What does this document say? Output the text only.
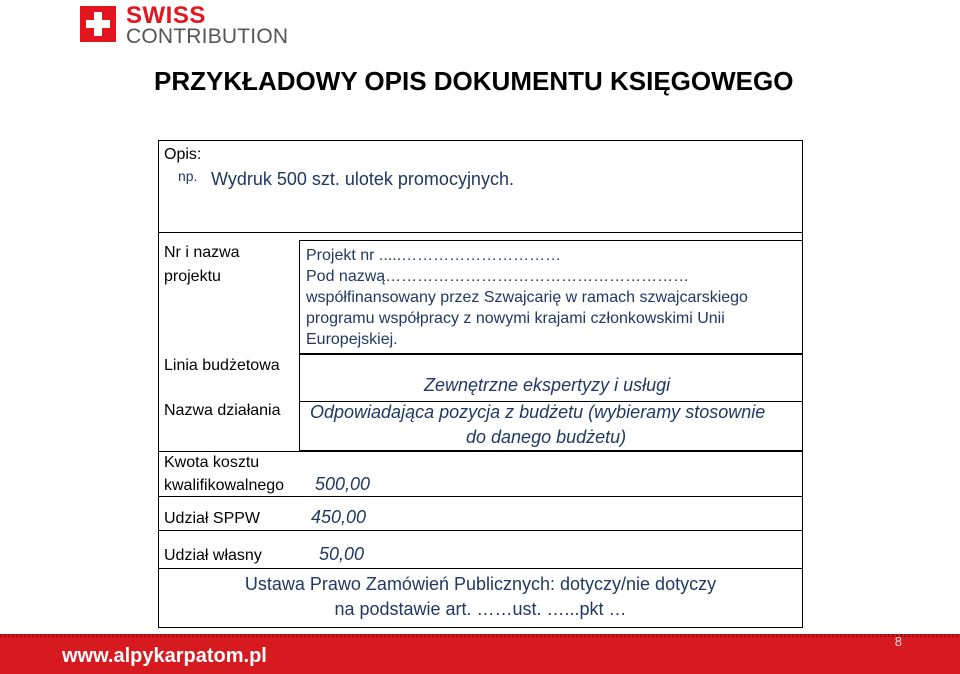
SWISS
CONTRIBUTION
PRZYKŁADOWY OPIS DOKUMENTU KSIĘGOWEGO
Opis:
np. Wydruk 500 szt. ulotek promocyjnych.
Nr i nazwa
projektu
Projekt nr .....…………………………
Pod nazwą…………………………………………………
współfinansowany przez Szwajcarię w ramach szwajcarskiego
programu współpracy z nowymi krajami członkowskimi Unii
Europejskiej.
Linia budżetowa
Zewnętrzne ekspertyzy i usługi
Nazwa działania Odpowiadająca pozycja z budżetu (wybieramy stosownie
do danego budżetu)
Kwota kosztu
kwalifikowalnego 500,00
Udział SPPW	450,00
Udział własny	50,00
Ustawa Prawo Zamówień Publicznych: dotyczy/nie dotyczy
na podstawie art. ……ust. …...pkt …
www.alpykarpatom.pl
8
